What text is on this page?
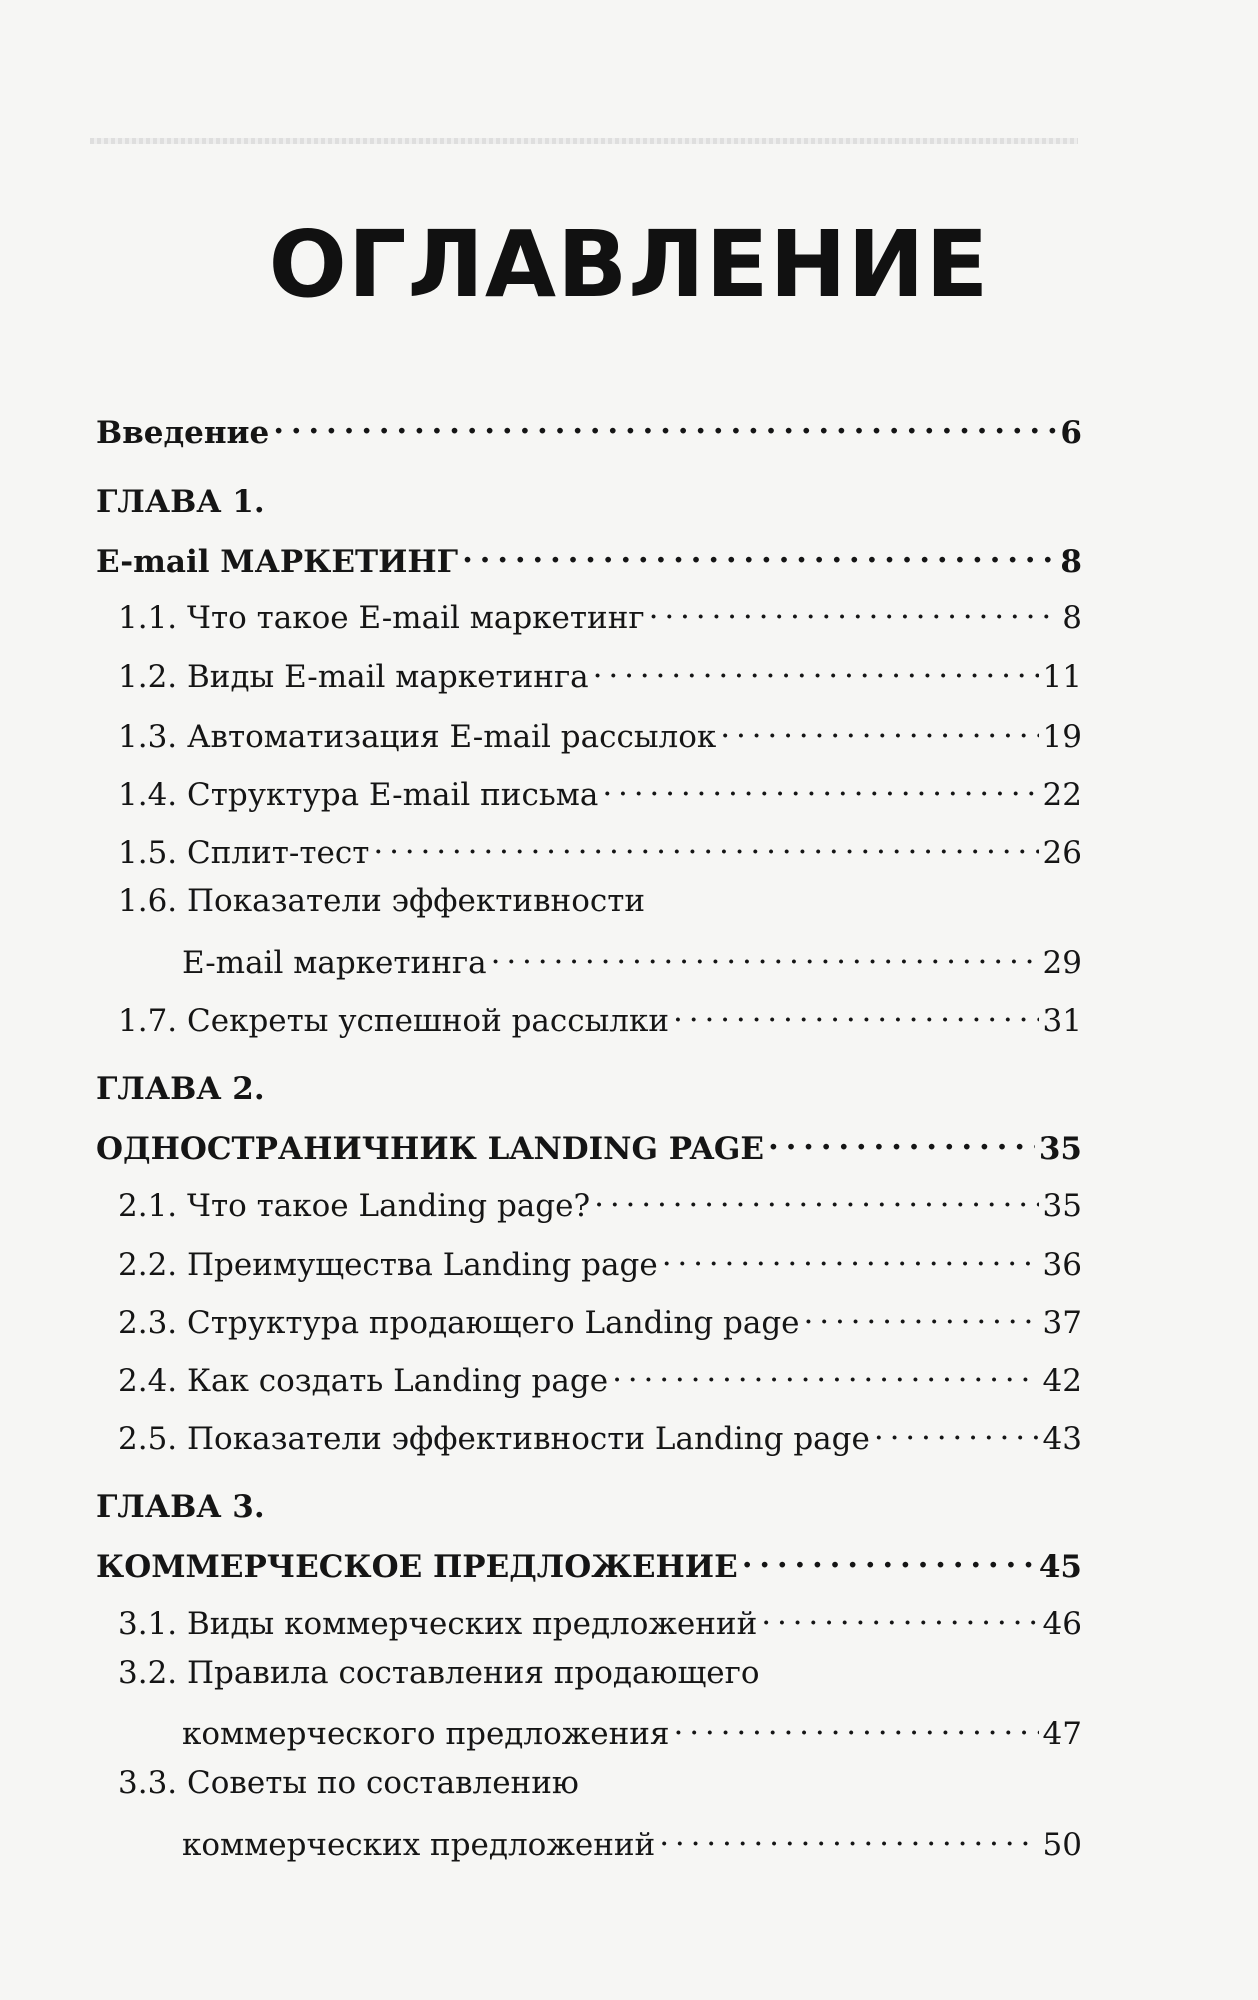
ОГЛАВЛЕНИЕ
Введение . . .	6
ГЛАВА 1.
E-mail МАРКЕТИНГ . . .	8
1.1. Что такое E-mail маркетинг . . .	8
1.2. Виды E-mail маркетинга . . .	11
1.3. Автоматизация E-mail рассылок . . .	19
1.4. Структура E-mail письма . . .	22
1.5. Сплит-тест . . .	26
1.6. Показатели эффективности
E-mail маркетинга . . .	29
1.7. Секреты успешной рассылки . . .	31
ГЛАВА 2.
ОДНОСТРАНИЧНИК LANDING PAGE . . .	35
2.1. Что такое Landing page? . . .	35
2.2. Преимущества Landing page . . .	36
2.3. Структура продающего Landing page . . .	37
2.4. Как создать Landing page . . .	42
2.5. Показатели эффективности Landing page . . .	43
ГЛАВА 3.
КОММЕРЧЕСКОЕ ПРЕДЛОЖЕНИЕ . . .	45
3.1. Виды коммерческих предложений . . .	46
3.2. Правила составления продающего
коммерческого предложения . . .	47
3.3. Советы по составлению
коммерческих предложений . . .	50
